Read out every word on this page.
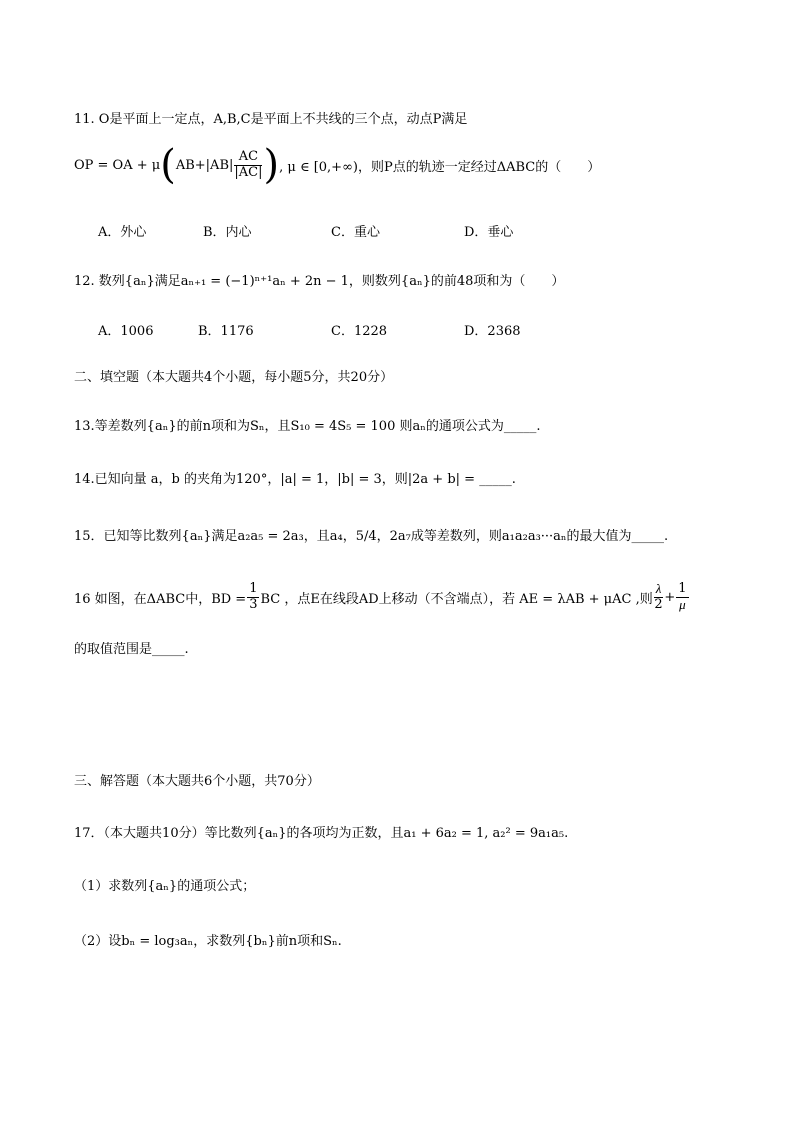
11. O是平面上一定点，A,B,C是平面上不共线的三个点，动点P满足
OP = OA + μ ( AB $+|AB| \frac{AC}{|AC|}$ ) , μ ∈ [0,+∞)，则P点的轨迹一定经过ΔABC的（　　）
A．外心	B．内心	C．重心	D．垂心
12. 数列{aₙ}满足aₙ₊₁ = (−1)ⁿ⁺¹aₙ + 2n − 1，则数列{aₙ}的前48项和为（　　）
A．1006	B．1176	C．1228	D．2368
二、填空题（本大题共4个小题，每小题5分，共20分）
13.等差数列{aₙ}的前n项和为Sₙ，且S₁₀ = 4S₅ = 100 则aₙ的通项公式为_____.
14.已知向量 a，b 的夹角为120°，|a| = 1，|b| = 3，则|2a + b| = _____.
15．已知等比数列{aₙ}满足a₂a₅ = 2a₃，且a₄，5/4，2a₇成等差数列，则a₁a₂a₃···aₙ的最大值为_____.
16 如图，在ΔABC中，BD = $\frac{1}{3}$ BC ，点E在线段AD上移动（不含端点），若 AE = λAB + μAC ,则 $\frac{\lambda}{2} + \frac{1}{\mu}$
的取值范围是_____.
三、解答题（本大题共6个小题，共70分）
17．（本大题共10分）等比数列{aₙ}的各项均为正数，且a₁ + 6a₂ = 1, a₂² = 9a₁a₅.
（1）求数列{aₙ}的通项公式；
（2）设bₙ = log₃aₙ，求数列{bₙ}前n项和Sₙ.
